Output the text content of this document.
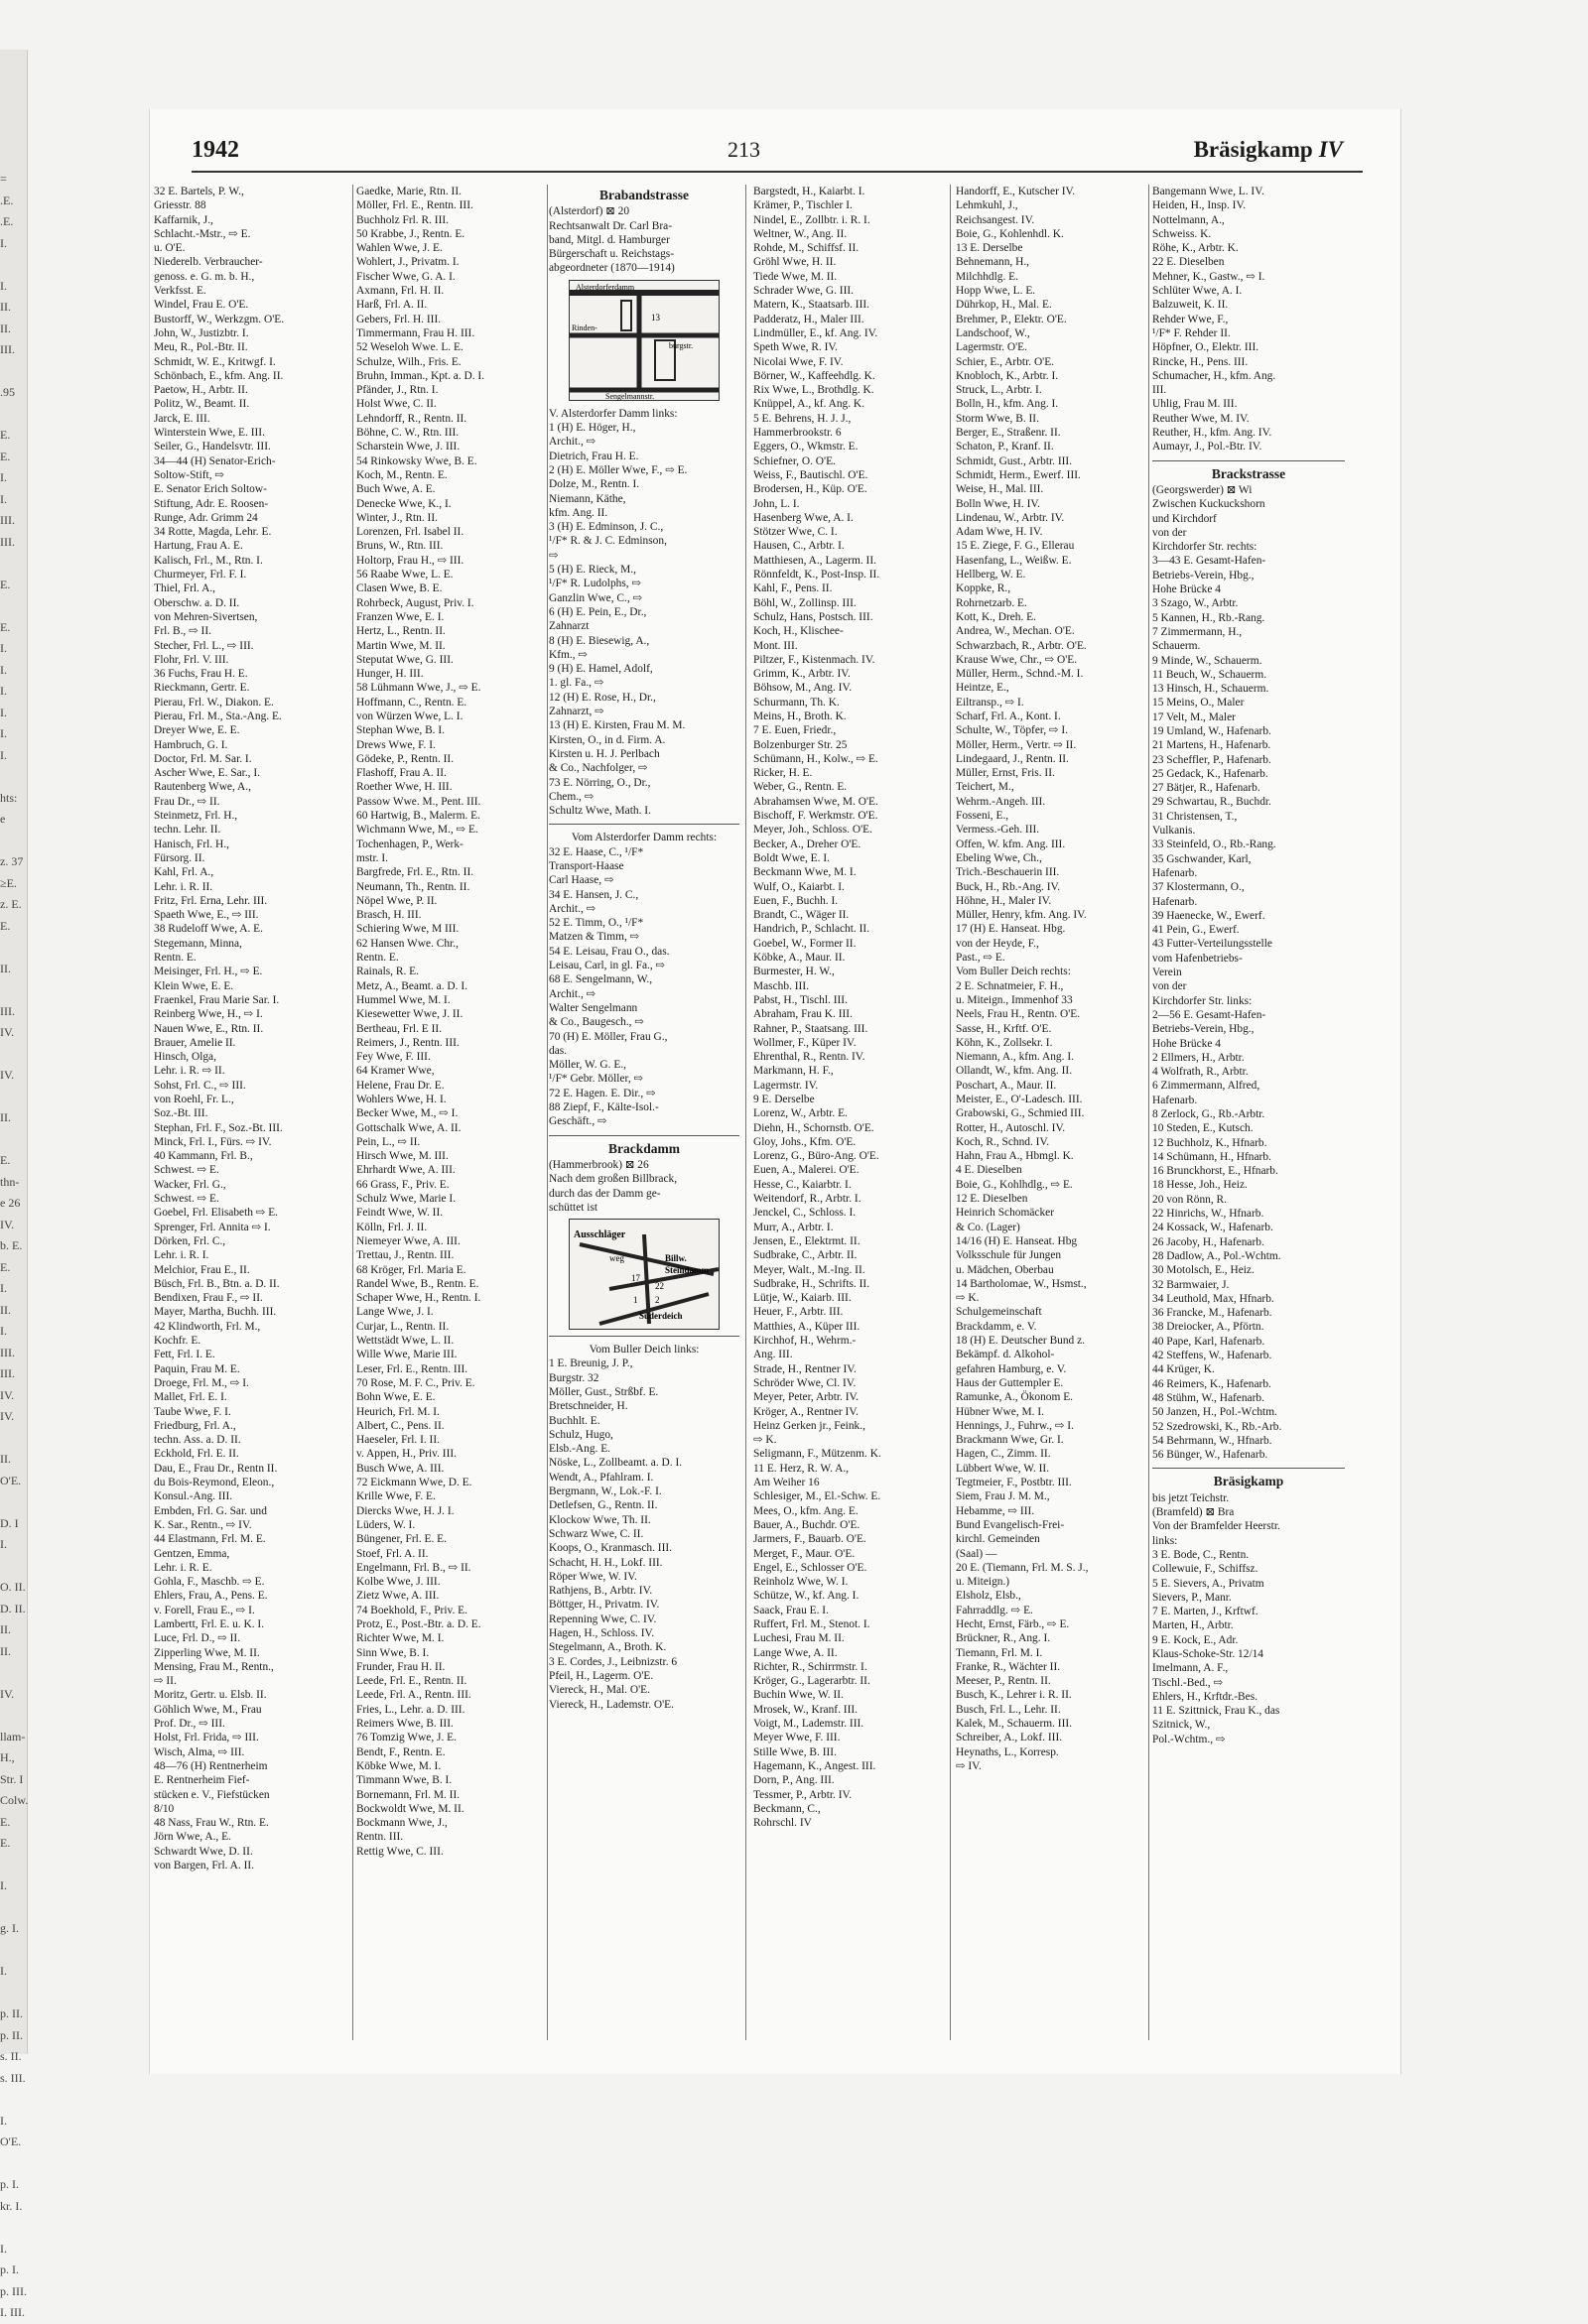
=
.E.
.E.
I.

I.
II.
II.
III.

.95

E.
E.
I.
I.
III.
III.

E.

E.
I.
I.
I.
I.
I.
I.

hts:
e

z. 37
≥E.
z. E.
E.

II.

III.
IV.

IV.

II.

E.
thn-
e 26
IV.
b. E.
E.
I.
II.
I.
III.
III.
IV.
IV.

II.
O'E.

D. I
I.

O. II.
D. II.
II.
II.

IV.

llam-
H.,
Str. I
Colw.
E.
E.

I.

g. I.

I.

p. II.
p. II.
s. II.
s. III.

I.
O'E.

p. I.
kr. I.

I.
p. I.
p. III.
I. III.
1942	213	Bräsigkamp IV
32 E. Bartels, P. W.,
Griesstr. 88
Kaffarnik, J.,
Schlacht.-Mstr., ⇨ E.
u. O'E.
Niederelb. Verbraucher-
genoss. e. G. m. b. H.,
Verkfsst. E.
Windel, Frau E. O'E.
Bustorff, W., Werkzgm. O'E.
John, W., Justizbtr. I.
Meu, R., Pol.-Btr. II.
Schmidt, W. E., Kritwgf. I.
Schönbach, E., kfm. Ang. II.
Paetow, H., Arbtr. II.
Politz, W., Beamt. II.
Jarck, E. III.
Winterstein Wwe, E. III.
Seiler, G., Handelsvtr. III.
34—44 (H) Senator-Erich-
Soltow-Stift, ⇨
E. Senator Erich Soltow-
Stiftung, Adr. E. Roosen-
Runge, Adr. Grimm 24
34 Rotte, Magda, Lehr. E.
Hartung, Frau A. E.
Kalisch, Frl., M., Rtn. I.
Churmeyer, Frl. F. I.
Thiel, Frl. A.,
Oberschw. a. D. II.
von Mehren-Sivertsen,
Frl. B., ⇨ II.
Stecher, Frl. L., ⇨ III.
Flohr, Frl. V. III.
36 Fuchs, Frau H. E.
Rieckmann, Gertr. E.
Pierau, Frl. W., Diakon. E.
Pierau, Frl. M., Sta.-Ang. E.
Dreyer Wwe, E. E.
Hambruch, G. I.
Doctor, Frl. M. Sar. I.
Ascher Wwe, E. Sar., I.
Rautenberg Wwe, A.,
Frau Dr., ⇨ II.
Steinmetz, Frl. H.,
techn. Lehr. II.
Hanisch, Frl. H.,
Fürsorg. II.
Kahl, Frl. A.,
Lehr. i. R. II.
Fritz, Frl. Erna, Lehr. III.
Spaeth Wwe, E., ⇨ III.
38 Rudeloff Wwe, A. E.
Stegemann, Minna,
Rentn. E.
Meisinger, Frl. H., ⇨ E.
Klein Wwe, E. E.
Fraenkel, Frau Marie Sar. I.
Reinberg Wwe, H., ⇨ I.
Nauen Wwe, E., Rtn. II.
Brauer, Amelie II.
Hinsch, Olga,
Lehr. i. R. ⇨ II.
Sohst, Frl. C., ⇨ III.
von Roehl, Fr. L.,
Soz.-Bt. III.
Stephan, Frl. F., Soz.-Bt. III.
Minck, Frl. I., Fürs. ⇨ IV.
40 Kammann, Frl. B.,
Schwest. ⇨ E.
Wacker, Frl. G.,
Schwest. ⇨ E.
Goebel, Frl. Elisabeth ⇨ E.
Sprenger, Frl. Annita ⇨ I.
Dörken, Frl. C.,
Lehr. i. R. I.
Melchior, Frau E., II.
Büsch, Frl. B., Btn. a. D. II.
Bendixen, Frau F., ⇨ II.
Mayer, Martha, Buchh. III.
42 Klindworth, Frl. M.,
Kochfr. E.
Fett, Frl. I. E.
Paquin, Frau M. E.
Droege, Frl. M., ⇨ I.
Mallet, Frl. E. I.
Taube Wwe, F. I.
Friedburg, Frl. A.,
techn. Ass. a. D. II.
Eckhold, Frl. E. II.
Dau, E., Frau Dr., Rentn II.
du Bois-Reymond, Eleon.,
Konsul.-Ang. III.
Embden, Frl. G. Sar. und
K. Sar., Rentn., ⇨ IV.
44 Elastmann, Frl. M. E.
Gentzen, Emma,
Lehr. i. R. E.
Gohla, F., Maschb. ⇨ E.
Ehlers, Frau, A., Pens. E.
v. Forell, Frau E., ⇨ I.
Lambertt, Frl. E. u. K. I.
Luce, Frl. D., ⇨ II.
Zipperling Wwe, M. II.
Mensing, Frau M., Rentn.,
⇨ II.
Moritz, Gertr. u. Elsb. II.
Göhlich Wwe, M., Frau
Prof. Dr., ⇨ III.
Holst, Frl. Frida, ⇨ III.
Wisch, Alma, ⇨ III.
48—76 (H) Rentnerheim
E. Rentnerheim Fief-
stücken e. V., Fiefstücken
8/10
48 Nass, Frau W., Rtn. E.
Jörn Wwe, A., E.
Schwardt Wwe, D. II.
von Bargen, Frl. A. II.
Gaedke, Marie, Rtn. II.
Möller, Frl. E., Rentn. III.
Buchholz Frl. R. III.
50 Krabbe, J., Rentn. E.
Wahlen Wwe, J. E.
Wohlert, J., Privatm. I.
Fischer Wwe, G. A. I.
Axmann, Frl. H. II.
Harß, Frl. A. II.
Gebers, Frl. H. III.
Timmermann, Frau H. III.
52 Weseloh Wwe. L. E.
Schulze, Wilh., Fris. E.
Bruhn, Imman., Kpt. a. D. I.
Pfänder, J., Rtn. I.
Holst Wwe, C. II.
Lehndorff, R., Rentn. II.
Böhne, C. W., Rtn. III.
Scharstein Wwe, J. III.
54 Rinkowsky Wwe, B. E.
Koch, M., Rentn. E.
Buch Wwe, A. E.
Denecke Wwe, K., I.
Winter, J., Rtn. II.
Lorenzen, Frl. Isabel II.
Bruns, W., Rtn. III.
Holtorp, Frau H., ⇨ III.
56 Raabe Wwe, L. E.
Clasen Wwe, B. E.
Rohrbeck, August, Priv. I.
Franzen Wwe, E. I.
Hertz, L., Rentn. II.
Martin Wwe, M. II.
Steputat Wwe, G. III.
Hunger, H. III.
58 Lühmann Wwe, J., ⇨ E.
Hoffmann, C., Rentn. E.
von Würzen Wwe, L. I.
Stephan Wwe, B. I.
Drews Wwe, F. I.
Gödeke, P., Rentn. II.
Flashoff, Frau A. II.
Roether Wwe, H. III.
Passow Wwe. M., Pent. III.
60 Hartwig, B., Malerm. E.
Wichmann Wwe, M., ⇨ E.
Tochenhagen, P., Werk-
mstr. I.
Bargfrede, Frl. E., Rtn. II.
Neumann, Th., Rentn. II.
Nöpel Wwe, P. II.
Brasch, H. III.
Schiering Wwe, M III.
62 Hansen Wwe. Chr.,
Rentn. E.
Rainals, R. E.
Metz, A., Beamt. a. D. I.
Hummel Wwe, M. I.
Kiesewetter Wwe, J. II.
Bertheau, Frl. E II.
Reimers, J., Rentn. III.
Fey Wwe, F. III.
64 Kramer Wwe,
Helene, Frau Dr. E.
Wohlers Wwe, H. I.
Becker Wwe, M., ⇨ I.
Gottschalk Wwe, A. II.
Pein, L., ⇨ II.
Hirsch Wwe, M. III.
Ehrhardt Wwe, A. III.
66 Grass, F., Priv. E.
Schulz Wwe, Marie I.
Feindt Wwe, W. II.
Kölln, Frl. J. II.
Niemeyer Wwe, A. III.
Trettau, J., Rentn. III.
68 Kröger, Frl. Maria E.
Randel Wwe, B., Rentn. E.
Schaper Wwe, H., Rentn. I.
Lange Wwe, J. I.
Curjar, L., Rentn. II.
Wettstädt Wwe, L. II.
Wille Wwe, Marie III.
Leser, Frl. E., Rentn. III.
70 Rose, M. F. C., Priv. E.
Bohn Wwe, E. E.
Heurich, Frl. M. I.
Albert, C., Pens. II.
Haeseler, Frl. I. II.
v. Appen, H., Priv. III.
Busch Wwe, A. III.
72 Eickmann Wwe, D. E.
Krille Wwe, F. E.
Diercks Wwe, H. J. I.
Lüders, W. I.
Büngener, Frl. E. E.
Stoef, Frl. A. II.
Engelmann, Frl. B., ⇨ II.
Kolbe Wwe, J. III.
Zietz Wwe, A. III.
74 Boekhold, F., Priv. E.
Protz, E., Post.-Btr. a. D. E.
Richter Wwe, M. I.
Sinn Wwe, B. I.
Frunder, Frau H. II.
Leede, Frl. E., Rentn. II.
Leede, Frl. A., Rentn. III.
Fries, L., Lehr. a. D. III.
Reimers Wwe, B. III.
76 Tomzig Wwe, J. E.
Bendt, F., Rentn. E.
Köbke Wwe, M. I.
Timmann Wwe, B. I.
Bornemann, Frl. M. II.
Bockwoldt Wwe, M. II.
Bockmann Wwe, J.,
Rentn. III.
Rettig Wwe, C. III.
Brabandstrasse
(Alsterdorf) ⊠ 20
Rechtsanwalt Dr. Carl Bra-
band, Mitgl. d. Hamburger
Bürgerschaft u. Reichstags-
abgeordneter (1870—1914)
Alsterdorferdamm
Rinden-
burgstr.
13
Sengelmannstr.
V. Alsterdorfer Damm links:
1 (H) E. Höger, H.,
Archit., ⇨
Dietrich, Frau H. E.
2 (H) E. Möller Wwe, F., ⇨ E.
Dolze, M., Rentn. I.
Niemann, Käthe,
kfm. Ang. II.
3 (H) E. Edminson, J. C.,
¹/F* R. & J. C. Edminson,
⇨
5 (H) E. Rieck, M.,
¹/F* R. Ludolphs, ⇨
Ganzlin Wwe, C., ⇨
6 (H) E. Pein, E., Dr.,
Zahnarzt
8 (H) E. Biesewig, A.,
Kfm., ⇨
9 (H) E. Hamel, Adolf,
1. gl. Fa., ⇨
12 (H) E. Rose, H., Dr.,
Zahnarzt, ⇨
13 (H) E. Kirsten, Frau M. M.
Kirsten, O., in d. Firm. A.
Kirsten u. H. J. Perlbach
& Co., Nachfolger, ⇨
73 E. Nörring, O., Dr.,
Chem., ⇨
Schultz Wwe, Math. I.
Vom Alsterdorfer Damm rechts:
32 E. Haase, C., ¹/F*
Transport-Haase
Carl Haase, ⇨
34 E. Hansen, J. C.,
Archit., ⇨
52 E. Timm, O., ¹/F*
Matzen & Timm, ⇨
54 E. Leisau, Frau O., das.
Leisau, Carl, in gl. Fa., ⇨
68 E. Sengelmann, W.,
Archit., ⇨
Walter Sengelmann
& Co., Baugesch., ⇨
70 (H) E. Möller, Frau G.,
das.
Möller, W. G. E.,
¹/F* Gebr. Möller, ⇨
72 E. Hagen. E. Dir., ⇨
88 Ziepf, F., Kälte-Isol.-
Geschäft., ⇨
Brackdamm
(Hammerbrook) ⊠ 26
Nach dem großen Billbrack,
durch das der Damm ge-
schüttet ist
Ausschläger
weg	Billw.
Steindamm
17
22
1 2
Süderdeich
Vom Buller Deich links:
1 E. Breunig, J. P.,
Burgstr. 32
Möller, Gust., Strßbf. E.
Bretschneider, H.
Buchhlt. E.
Schulz, Hugo,
Elsb.-Ang. E.
Nöske, L., Zollbeamt. a. D. I.
Wendt, A., Pfahlram. I.
Bergmann, W., Lok.-F. I.
Detlefsen, G., Rentn. II.
Klockow Wwe, Th. II.
Schwarz Wwe, C. II.
Koops, O., Kranmasch. III.
Schacht, H. H., Lokf. III.
Röper Wwe, W. IV.
Rathjens, B., Arbtr. IV.
Böttger, H., Privatm. IV.
Repenning Wwe, C. IV.
Hagen, H., Schloss. IV.
Stegelmann, A., Broth. K.
3 E. Cordes, J., Leibnizstr. 6
Pfeil, H., Lagerm. O'E.
Viereck, H., Mal. O'E.
Viereck, H., Lademstr. O'E.
Bargstedt, H., Kaiarbt. I.
Krämer, P., Tischler I.
Nindel, E., Zollbtr. i. R. I.
Weltner, W., Ang. II.
Rohde, M., Schiffsf. II.
Gröhl Wwe, H. II.
Tiede Wwe, M. II.
Schrader Wwe, G. III.
Matern, K., Staatsarb. III.
Padderatz, H., Maler III.
Lindmüller, E., kf. Ang. IV.
Speth Wwe, R. IV.
Nicolai Wwe, F. IV.
Börner, W., Kaffeehdlg. K.
Rix Wwe, L., Brothdlg. K.
Knüppel, A., kf. Ang. K.
5 E. Behrens, H. J. J.,
Hammerbrookstr. 6
Eggers, O., Wkmstr. E.
Schiefner, O. O'E.
Weiss, F., Bautischl. O'E.
Brodersen, H., Küp. O'E.
John, L. I.
Hasenberg Wwe, A. I.
Stötzer Wwe, C. I.
Hausen, C., Arbtr. I.
Matthiesen, A., Lagerm. II.
Rönnfeldt, K., Post-Insp. II.
Kahl, F., Pens. II.
Böhl, W., Zollinsp. III.
Schulz, Hans, Postsch. III.
Koch, H., Klischee-
Mont. III.
Piltzer, F., Kistenmach. IV.
Grimm, K., Arbtr. IV.
Böhsow, M., Ang. IV.
Schurmann, Th. K.
Meins, H., Broth. K.
7 E. Euen, Friedr.,
Bolzenburger Str. 25
Schümann, H., Kolw., ⇨ E.
Ricker, H. E.
Weber, G., Rentn. E.
Abrahamsen Wwe, M. O'E.
Bischoff, F. Werkmstr. O'E.
Meyer, Joh., Schloss. O'E.
Becker, A., Dreher O'E.
Boldt Wwe, E. I.
Beckmann Wwe, M. I.
Wulf, O., Kaiarbt. I.
Euen, F., Buchh. I.
Brandt, C., Wäger II.
Handrich, P., Schlacht. II.
Goebel, W., Former II.
Köbke, A., Maur. II.
Burmester, H. W.,
Maschb. III.
Pabst, H., Tischl. III.
Abraham, Frau K. III.
Rahner, P., Staatsang. III.
Wollmer, F., Küper IV.
Ehrenthal, R., Rentn. IV.
Markmann, H. F.,
Lagermstr. IV.
9 E. Derselbe
Lorenz, W., Arbtr. E.
Diehn, H., Schornstb. O'E.
Gloy, Johs., Kfm. O'E.
Lorenz, G., Büro-Ang. O'E.
Euen, A., Malerei. O'E.
Hesse, C., Kaiarbtr. I.
Weitendorf, R., Arbtr. I.
Jenckel, C., Schloss. I.
Murr, A., Arbtr. I.
Jensen, E., Elektrmt. II.
Sudbrake, C., Arbtr. II.
Meyer, Walt., M.-Ing. II.
Sudbrake, H., Schrifts. II.
Lütje, W., Kaiarb. III.
Heuer, F., Arbtr. III.
Matthies, A., Küper III.
Kirchhof, H., Wehrm.-
Ang. III.
Strade, H., Rentner IV.
Schröder Wwe, Cl. IV.
Meyer, Peter, Arbtr. IV.
Kröger, A., Rentner IV.
Heinz Gerken jr., Feink.,
⇨ K.
Seligmann, F., Mützenm. K.
11 E. Herz, R. W. A.,
Am Weiher 16
Schlesiger, M., El.-Schw. E.
Mees, O., kfm. Ang. E.
Bauer, A., Buchdr. O'E.
Jarmers, F., Bauarb. O'E.
Merget, F., Maur. O'E.
Engel, E., Schlosser O'E.
Reinholz Wwe, W. I.
Schütze, W., kf. Ang. I.
Saack, Frau E. I.
Ruffert, Frl. M., Stenot. I.
Luchesi, Frau M. II.
Lange Wwe, A. II.
Richter, R., Schirrmstr. I.
Kröger, G., Lagerarbtr. II.
Buchin Wwe, W. II.
Mrosek, W., Kranf. III.
Voigt, M., Lademstr. III.
Meyer Wwe, F. III.
Stille Wwe, B. III.
Hagemann, K., Angest. III.
Dorn, P., Ang. III.
Tessmer, P., Arbtr. IV.
Beckmann, C.,
Rohrschl. IV
Handorff, E., Kutscher IV.
Lehmkuhl, J.,
Reichsangest. IV.
Boie, G., Kohlenhdl. K.
13 E. Derselbe
Behnemann, H.,
Milchhdlg. E.
Hopp Wwe, L. E.
Dührkop, H., Mal. E.
Brehmer, P., Elektr. O'E.
Landschoof, W.,
Lagermstr. O'E.
Schier, E., Arbtr. O'E.
Knobloch, K., Arbtr. I.
Struck, L., Arbtr. I.
Bolln, H., kfm. Ang. I.
Storm Wwe, B. II.
Berger, E., Straßenr. II.
Schaton, P., Kranf. II.
Schmidt, Gust., Arbtr. III.
Schmidt, Herm., Ewerf. III.
Weise, H., Mal. III.
Bolln Wwe, H. IV.
Lindenau, W., Arbtr. IV.
Adam Wwe, H. IV.
15 E. Ziege, F. G., Ellerau
Hasenfang, L., Weißw. E.
Hellberg, W. E.
Koppke, R.,
Rohrnetzarb. E.
Kott, K., Dreh. E.
Andrea, W., Mechan. O'E.
Schwarzbach, R., Arbtr. O'E.
Krause Wwe, Chr., ⇨ O'E.
Müller, Herm., Schnd.-M. I.
Heintze, E.,
Eiltransp., ⇨ I.
Scharf, Frl. A., Kont. I.
Schulte, W., Töpfer, ⇨ I.
Möller, Herm., Vertr. ⇨ II.
Lindegaard, J., Rentn. II.
Müller, Ernst, Fris. II.
Teichert, M.,
Wehrm.-Angeh. III.
Fosseni, E.,
Vermess.-Geh. III.
Offen, W. kfm. Ang. III.
Ebeling Wwe, Ch.,
Trich.-Beschauerin III.
Buck, H., Rb.-Ang. IV.
Höhne, H., Maler IV.
Müller, Henry, kfm. Ang. IV.
17 (H) E. Hanseat. Hbg.
von der Heyde, F.,
Past., ⇨ E.
Vom Buller Deich rechts:
2 E. Schnatmeier, F. H.,
u. Miteign., Immenhof 33
Neels, Frau H., Rentn. O'E.
Sasse, H., Krftf. O'E.
Köhn, K., Zollsekr. I.
Niemann, A., kfm. Ang. I.
Ollandt, W., kfm. Ang. II.
Poschart, A., Maur. II.
Meister, E., O'-Ladesch. III.
Grabowski, G., Schmied III.
Rotter, H., Autoschl. IV.
Koch, R., Schnd. IV.
Hahn, Frau A., Hbmgl. K.
4 E. Dieselben
Boie, G., Kohlhdlg., ⇨ E.
12 E. Dieselben
Heinrich Schomäcker
& Co. (Lager)
14/16 (H) E. Hanseat. Hbg
Volksschule für Jungen
u. Mädchen, Oberbau
14 Bartholomae, W., Hsmst.,
⇨ K.
Schulgemeinschaft
Brackdamm, e. V.
18 (H) E. Deutscher Bund z.
Bekämpf. d. Alkohol-
gefahren Hamburg, e. V.
Haus der Guttempler E.
Ramunke, A., Ökonom E.
Hübner Wwe, M. I.
Hennings, J., Fuhrw., ⇨ I.
Brackmann Wwe, Gr. I.
Hagen, C., Zimm. II.
Lübbert Wwe, W. II.
Tegtmeier, F., Postbtr. III.
Siem, Frau J. M. M.,
Hebamme, ⇨ III.
Bund Evangelisch-Frei-
kirchl. Gemeinden
(Saal) —
20 E. (Tiemann, Frl. M. S. J.,
u. Miteign.)
Elsholz, Elsb.,
Fahrraddlg. ⇨ E.
Hecht, Ernst, Färb., ⇨ E.
Brückner, R., Ang. I.
Tiemann, Frl. M. I.
Franke, R., Wächter II.
Meeser, P., Rentn. II.
Busch, K., Lehrer i. R. II.
Busch, Frl. L., Lehr. II.
Kalek, M., Schauerm. III.
Schreiber, A., Lokf. III.
Heynaths, L., Korresp.
⇨ IV.
Bangemann Wwe, L. IV.
Heiden, H., Insp. IV.
Nottelmann, A.,
Schweiss. K.
Röhe, K., Arbtr. K.
22 E. Dieselben
Mehner, K., Gastw., ⇨ I.
Schlüter Wwe, A. I.
Balzuweit, K. II.
Rehder Wwe, F.,
¹/F* F. Rehder II.
Höpfner, O., Elektr. III.
Rincke, H., Pens. III.
Schumacher, H., kfm. Ang.
III.
Uhlig, Frau M. III.
Reuther Wwe, M. IV.
Reuther, H., kfm. Ang. IV.
Aumayr, J., Pol.-Btr. IV.
Brackstrasse
(Georgswerder) ⊠ Wi
Zwischen Kuckuckshorn
und Kirchdorf
von der
Kirchdorfer Str. rechts:
3—43 E. Gesamt-Hafen-
Betriebs-Verein, Hbg.,
Hohe Brücke 4
3 Szago, W., Arbtr.
5 Kannen, H., Rb.-Rang.
7 Zimmermann, H.,
Schauerm.
9 Minde, W., Schauerm.
11 Beuch, W., Schauerm.
13 Hinsch, H., Schauerm.
15 Meins, O., Maler
17 Velt, M., Maler
19 Umland, W., Hafenarb.
21 Martens, H., Hafenarb.
23 Scheffler, P., Hafenarb.
25 Gedack, K., Hafenarb.
27 Bätjer, R., Hafenarb.
29 Schwartau, R., Buchdr.
31 Christensen, T.,
Vulkanis.
33 Steinfeld, O., Rb.-Rang.
35 Gschwander, Karl,
Hafenarb.
37 Klostermann, O.,
Hafenarb.
39 Haenecke, W., Ewerf.
41 Pein, G., Ewerf.
43 Futter-Verteilungsstelle
vom Hafenbetriebs-
Verein
von der
Kirchdorfer Str. links:
2—56 E. Gesamt-Hafen-
Betriebs-Verein, Hbg.,
Hohe Brücke 4
2 Ellmers, H., Arbtr.
4 Wolfrath, R., Arbtr.
6 Zimmermann, Alfred,
Hafenarb.
8 Zerlock, G., Rb.-Arbtr.
10 Steden, E., Kutsch.
12 Buchholz, K., Hfnarb.
14 Schümann, H., Hfnarb.
16 Brunckhorst, E., Hfnarb.
18 Hesse, Joh., Heiz.
20 von Rönn, R.
22 Hinrichs, W., Hfnarb.
24 Kossack, W., Hafenarb.
26 Jacoby, H., Hafenarb.
28 Dadlow, A., Pol.-Wchtm.
30 Motolsch, E., Heiz.
32 Barmwaier, J.
34 Leuthold, Max, Hfnarb.
36 Francke, M., Hafenarb.
38 Dreiocker, A., Pförtn.
40 Pape, Karl, Hafenarb.
42 Steffens, W., Hafenarb.
44 Krüger, K.
46 Reimers, K., Hafenarb.
48 Stühm, W., Hafenarb.
50 Janzen, H., Pol.-Wchtm.
52 Szedrowski, K., Rb.-Arb.
54 Behrmann, W., Hfnarb.
56 Bünger, W., Hafenarb.
Bräsigkamp
bis jetzt Teichstr.
(Bramfeld) ⊠ Bra
Von der Bramfelder Heerstr.
links:
3 E. Bode, C., Rentn.
Collewuie, F., Schiffsz.
5 E. Sievers, A., Privatm
Sievers, P., Manr.
7 E. Marten, J., Krftwf.
Marten, H., Arbtr.
9 E. Kock, E., Adr.
Klaus-Schoke-Str. 12/14
Imelmann, A. F.,
Tischl.-Bed., ⇨
Ehlers, H., Krftdr.-Bes.
11 E. Szittnick, Frau K., das
Szitnick, W.,
Pol.-Wchtm., ⇨
